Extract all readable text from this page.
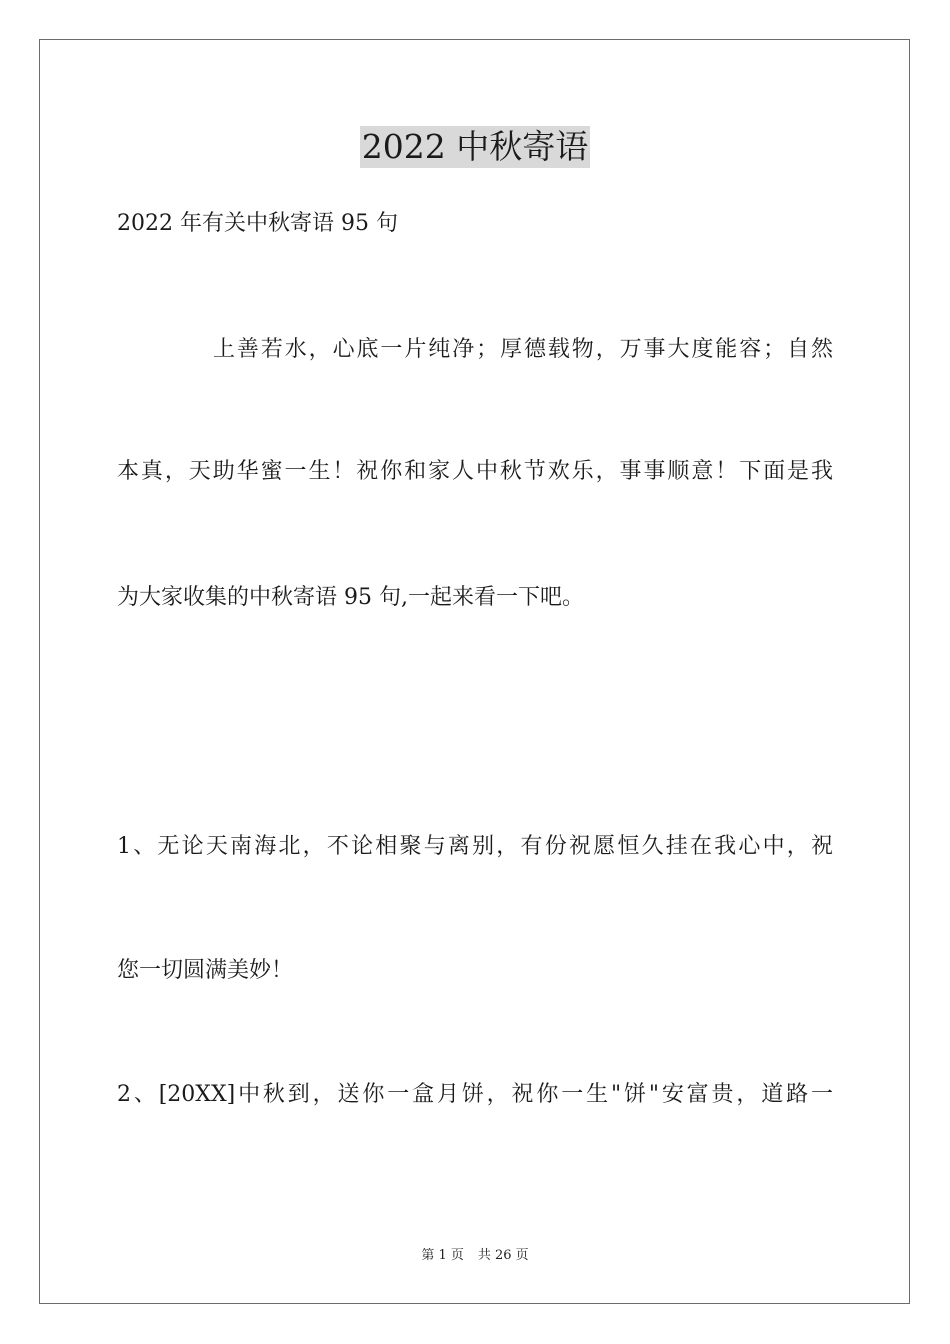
2022 中秋寄语
2022 年有关中秋寄语 95 句
上善若水，心底一片纯净；厚德载物，万事大度能容；自然
本真，天助华蜜一生！祝你和家人中秋节欢乐，事事顺意！下面是我
为大家收集的中秋寄语 95 句,一起来看一下吧。
1、无论天南海北，不论相聚与离别，有份祝愿恒久挂在我心中，祝
您一切圆满美妙！
2、[20XX]中秋到，送你一盒月饼，祝你一生"饼"安富贵，道路一
第 1 页 共 26 页
